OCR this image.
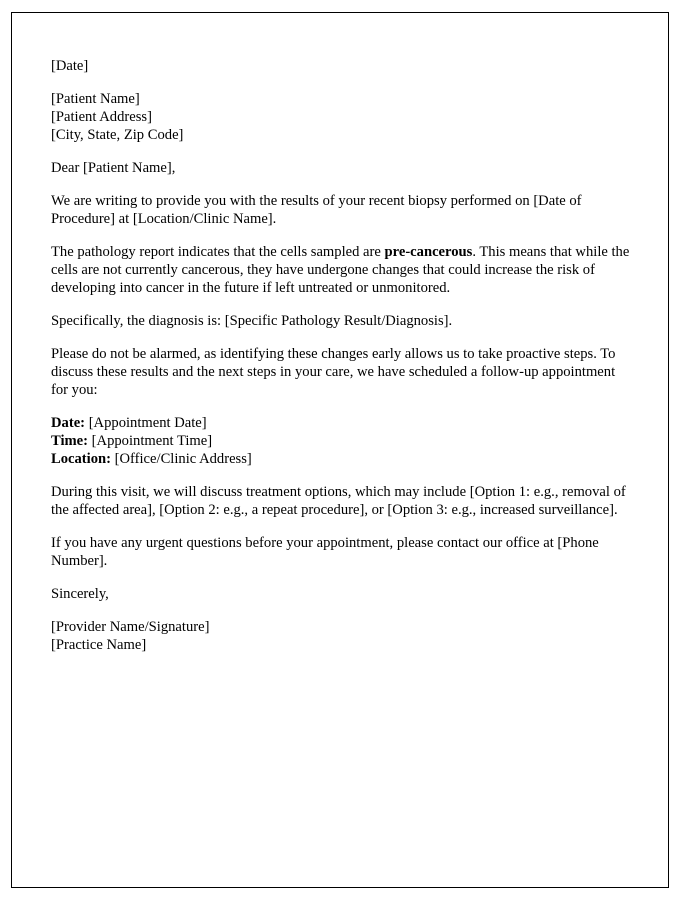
[Date]

[Patient Name]
[Patient Address]
[City, State, Zip Code]

Dear [Patient Name],

We are writing to provide you with the results of your recent biopsy performed on [Date of Procedure] at [Location/Clinic Name].

The pathology report indicates that the cells sampled are pre-cancerous. This means that while the cells are not currently cancerous, they have undergone changes that could increase the risk of developing into cancer in the future if left untreated or unmonitored.

Specifically, the diagnosis is: [Specific Pathology Result/Diagnosis].

Please do not be alarmed, as identifying these changes early allows us to take proactive steps. To discuss these results and the next steps in your care, we have scheduled a follow-up appointment for you:

Date: [Appointment Date]
Time: [Appointment Time]
Location: [Office/Clinic Address]

During this visit, we will discuss treatment options, which may include [Option 1: e.g., removal of the affected area], [Option 2: e.g., a repeat procedure], or [Option 3: e.g., increased surveillance].

If you have any urgent questions before your appointment, please contact our office at [Phone Number].

Sincerely,

[Provider Name/Signature]
[Practice Name]
